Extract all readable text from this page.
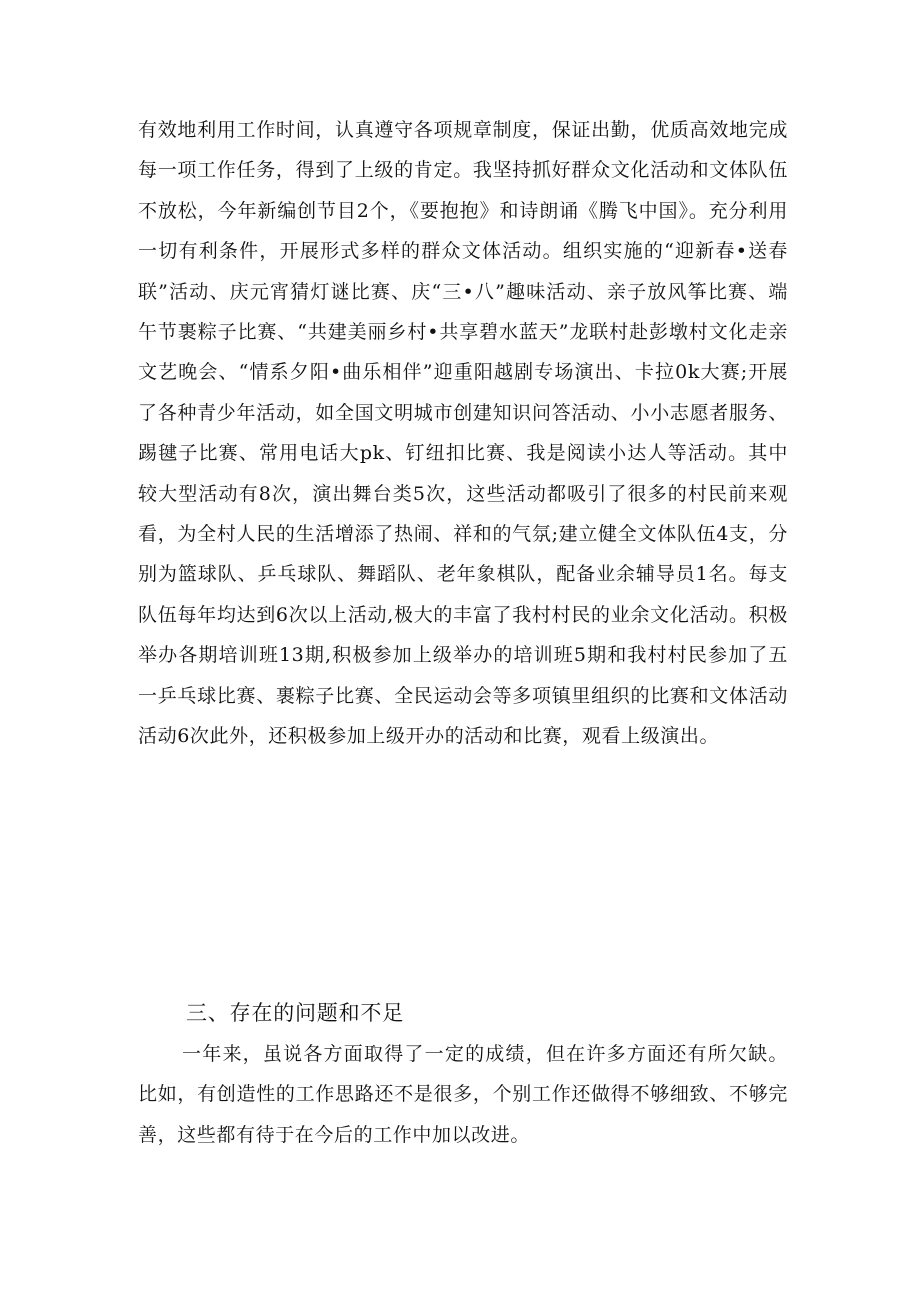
有效地利用工作时间，认真遵守各项规章制度，保证出勤，优质高效地完成每一项工作任务，得到了上级的肯定。我坚持抓好群众文化活动和文体队伍不放松，今年新编创节目2个，《要抱抱》和诗朗诵《腾飞中国》。充分利用一切有利条件，开展形式多样的群众文体活动。组织实施的“迎新春•送春联”活动、庆元宵猜灯谜比赛、庆“三•八”趣味活动、亲子放风筝比赛、端午节裹粽子比赛、“共建美丽乡村•共享碧水蓝天”龙联村赴彭墩村文化走亲文艺晚会、“情系夕阳•曲乐相伴”迎重阳越剧专场演出、卡拉0k大赛;开展了各种青少年活动，如全国文明城市创建知识问答活动、小小志愿者服务、踢毽子比赛、常用电话大pk、钉纽扣比赛、我是阅读小达人等活动。其中较大型活动有8次，演出舞台类5次，这些活动都吸引了很多的村民前来观看，为全村人民的生活增添了热闹、祥和的气氛;建立健全文体队伍4支，分别为篮球队、乒乓球队、舞蹈队、老年象棋队，配备业余辅导员1名。每支队伍每年均达到6次以上活动,极大的丰富了我村村民的业余文化活动。积极举办各期培训班13期,积极参加上级举办的培训班5期和我村村民参加了五一乒乓球比赛、裹粽子比赛、全民运动会等多项镇里组织的比赛和文体活动活动6次此外，还积极参加上级开办的活动和比赛，观看上级演出。

三、存在的问题和不足

一年来，虽说各方面取得了一定的成绩，但在许多方面还有所欠缺。比如，有创造性的工作思路还不是很多，个别工作还做得不够细致、不够完善，这些都有待于在今后的工作中加以改进。
